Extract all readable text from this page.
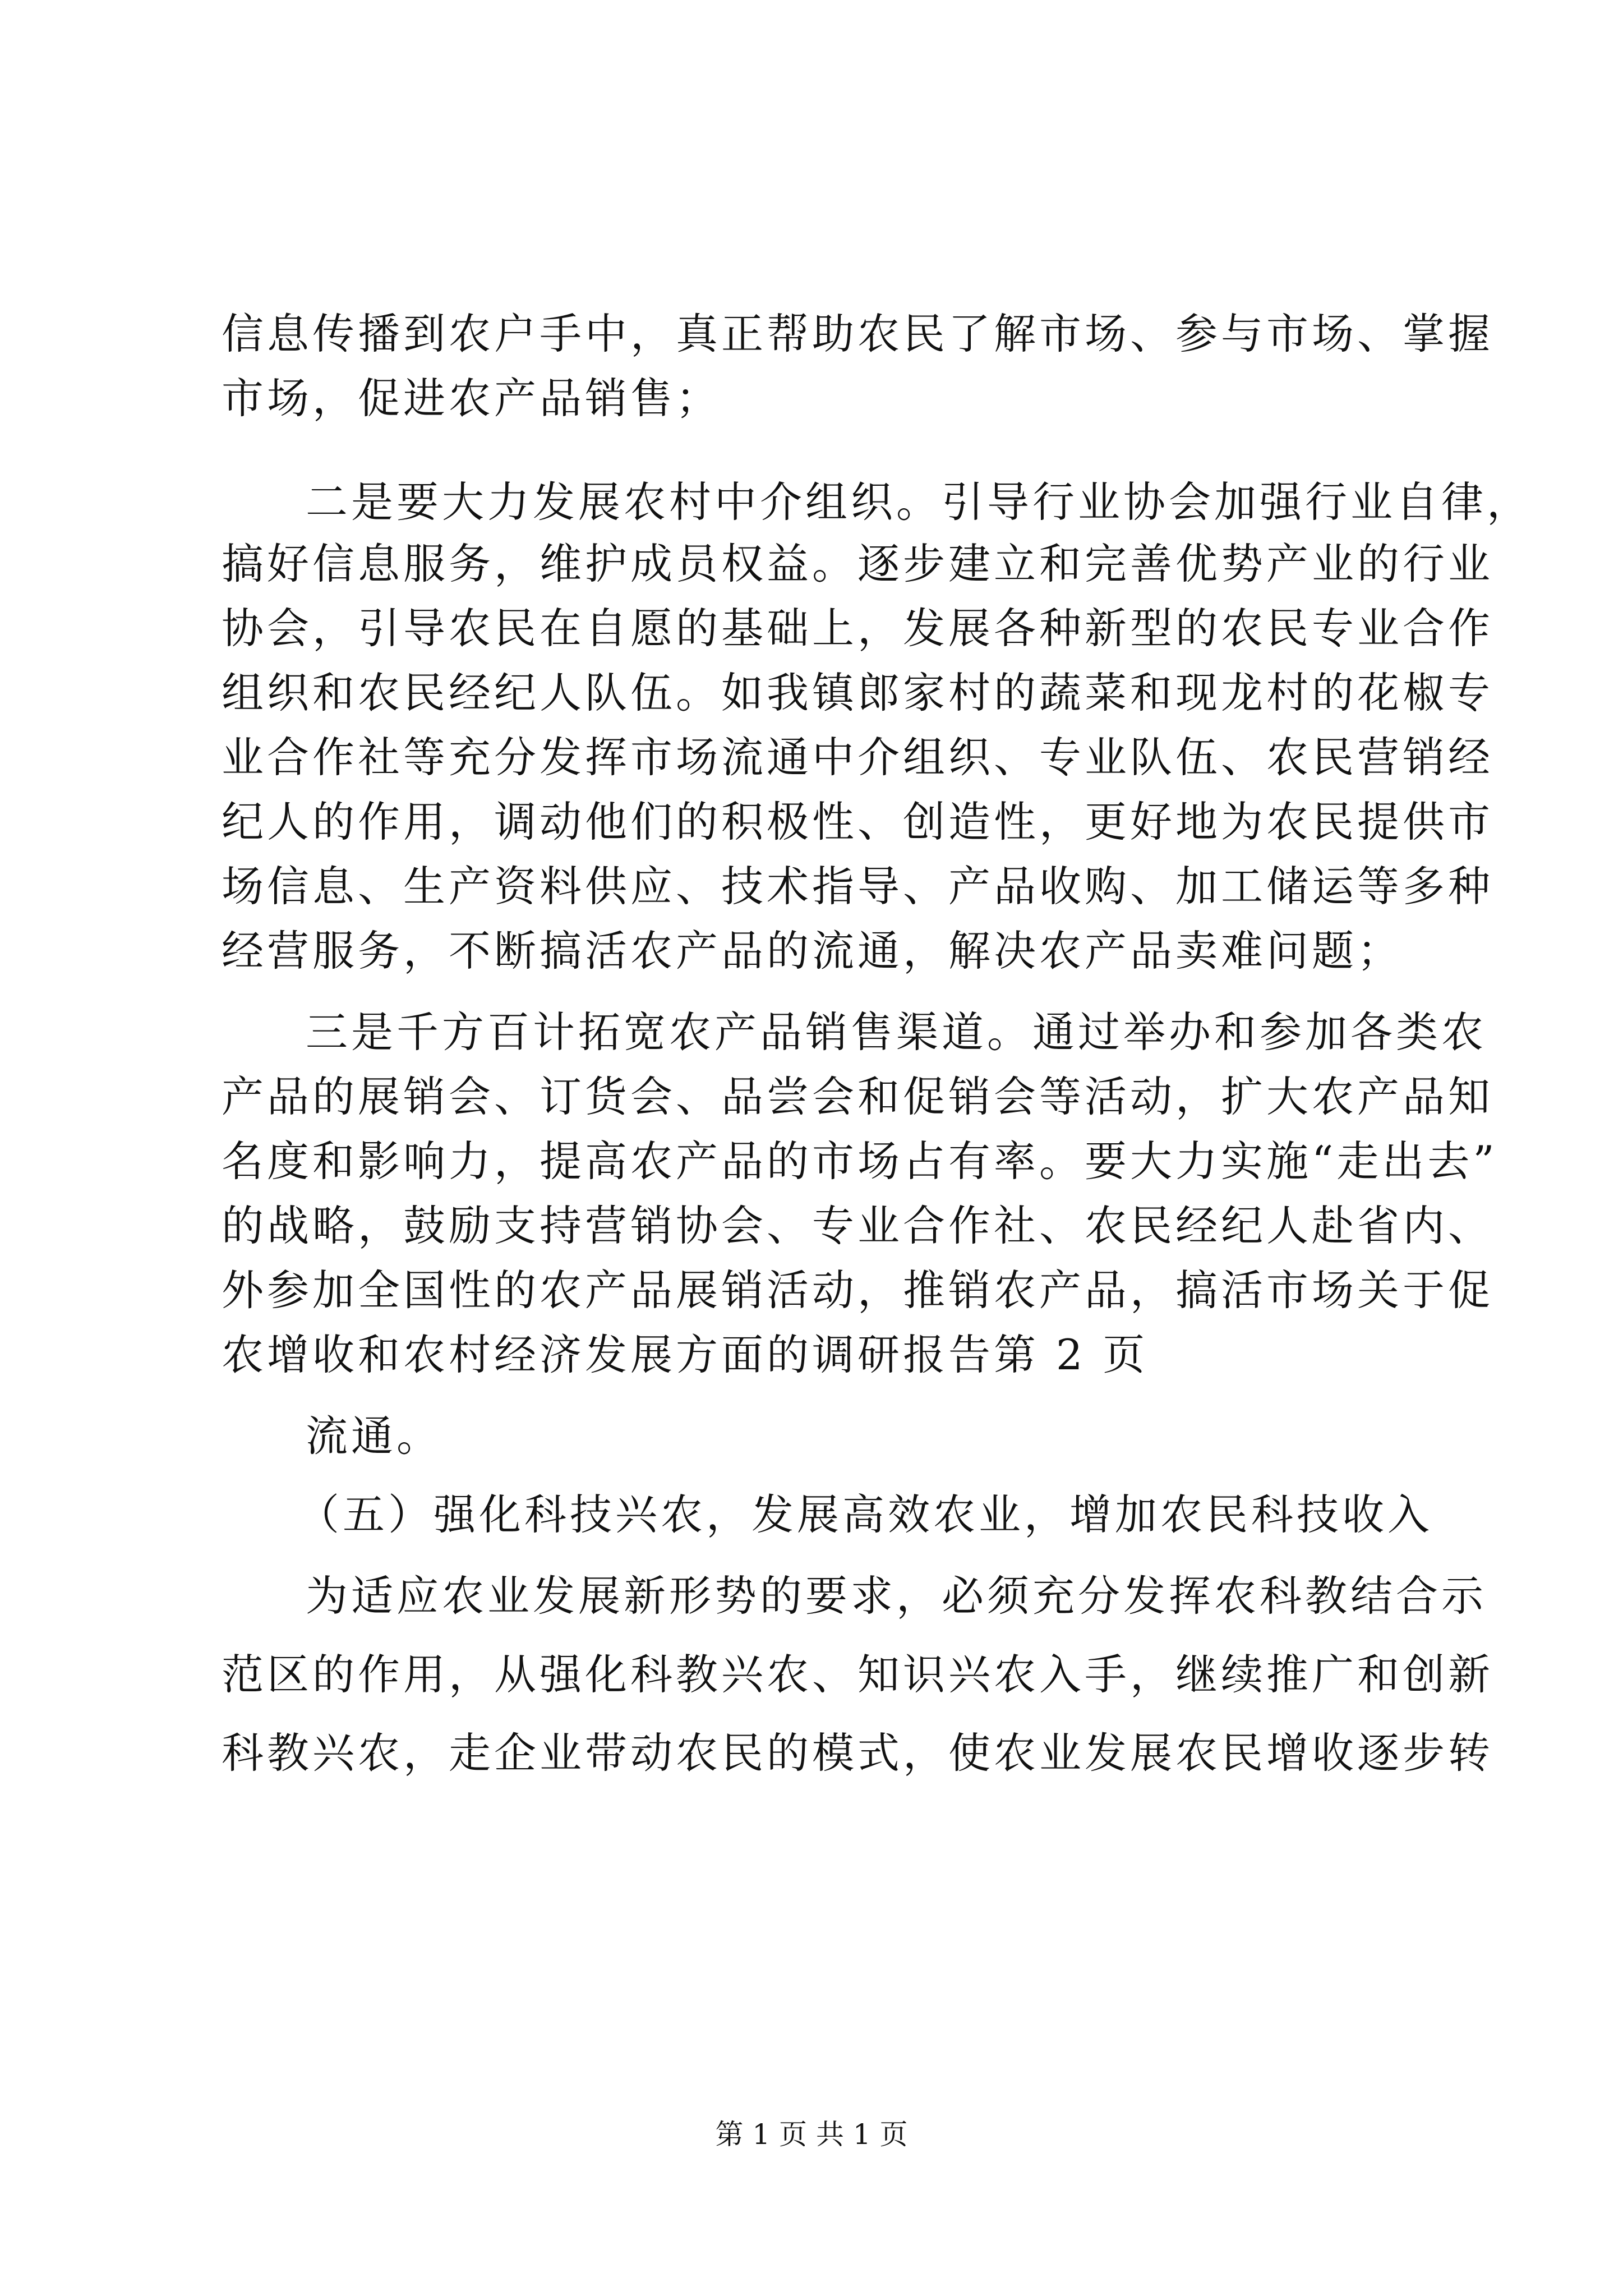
信息传播到农户手中，真正帮助农民了解市场、参与市场、掌握

市场，促进农产品销售；

二是要大力发展农村中介组织。引导行业协会加强行业自律，

搞好信息服务，维护成员权益。逐步建立和完善优势产业的行业

协会，引导农民在自愿的基础上，发展各种新型的农民专业合作

组织和农民经纪人队伍。如我镇郎家村的蔬菜和现龙村的花椒专

业合作社等充分发挥市场流通中介组织、专业队伍、农民营销经

纪人的作用，调动他们的积极性、创造性，更好地为农民提供市

场信息、生产资料供应、技术指导、产品收购、加工储运等多种

经营服务，不断搞活农产品的流通，解决农产品卖难问题；

三是千方百计拓宽农产品销售渠道。通过举办和参加各类农

产品的展销会、订货会、品尝会和促销会等活动，扩大农产品知

名度和影响力，提高农产品的市场占有率。要大力实施“走出去”

的战略，鼓励支持营销协会、专业合作社、农民经纪人赴省内、

外参加全国性的农产品展销活动，推销农产品，搞活市场关于促

农增收和农村经济发展方面的调研报告第 2 页

流通。

（五）强化科技兴农，发展高效农业，增加农民科技收入

为适应农业发展新形势的要求，必须充分发挥农科教结合示

范区的作用，从强化科教兴农、知识兴农入手，继续推广和创新

科教兴农，走企业带动农民的模式，使农业发展农民增收逐步转

第 1 页 共 1 页
